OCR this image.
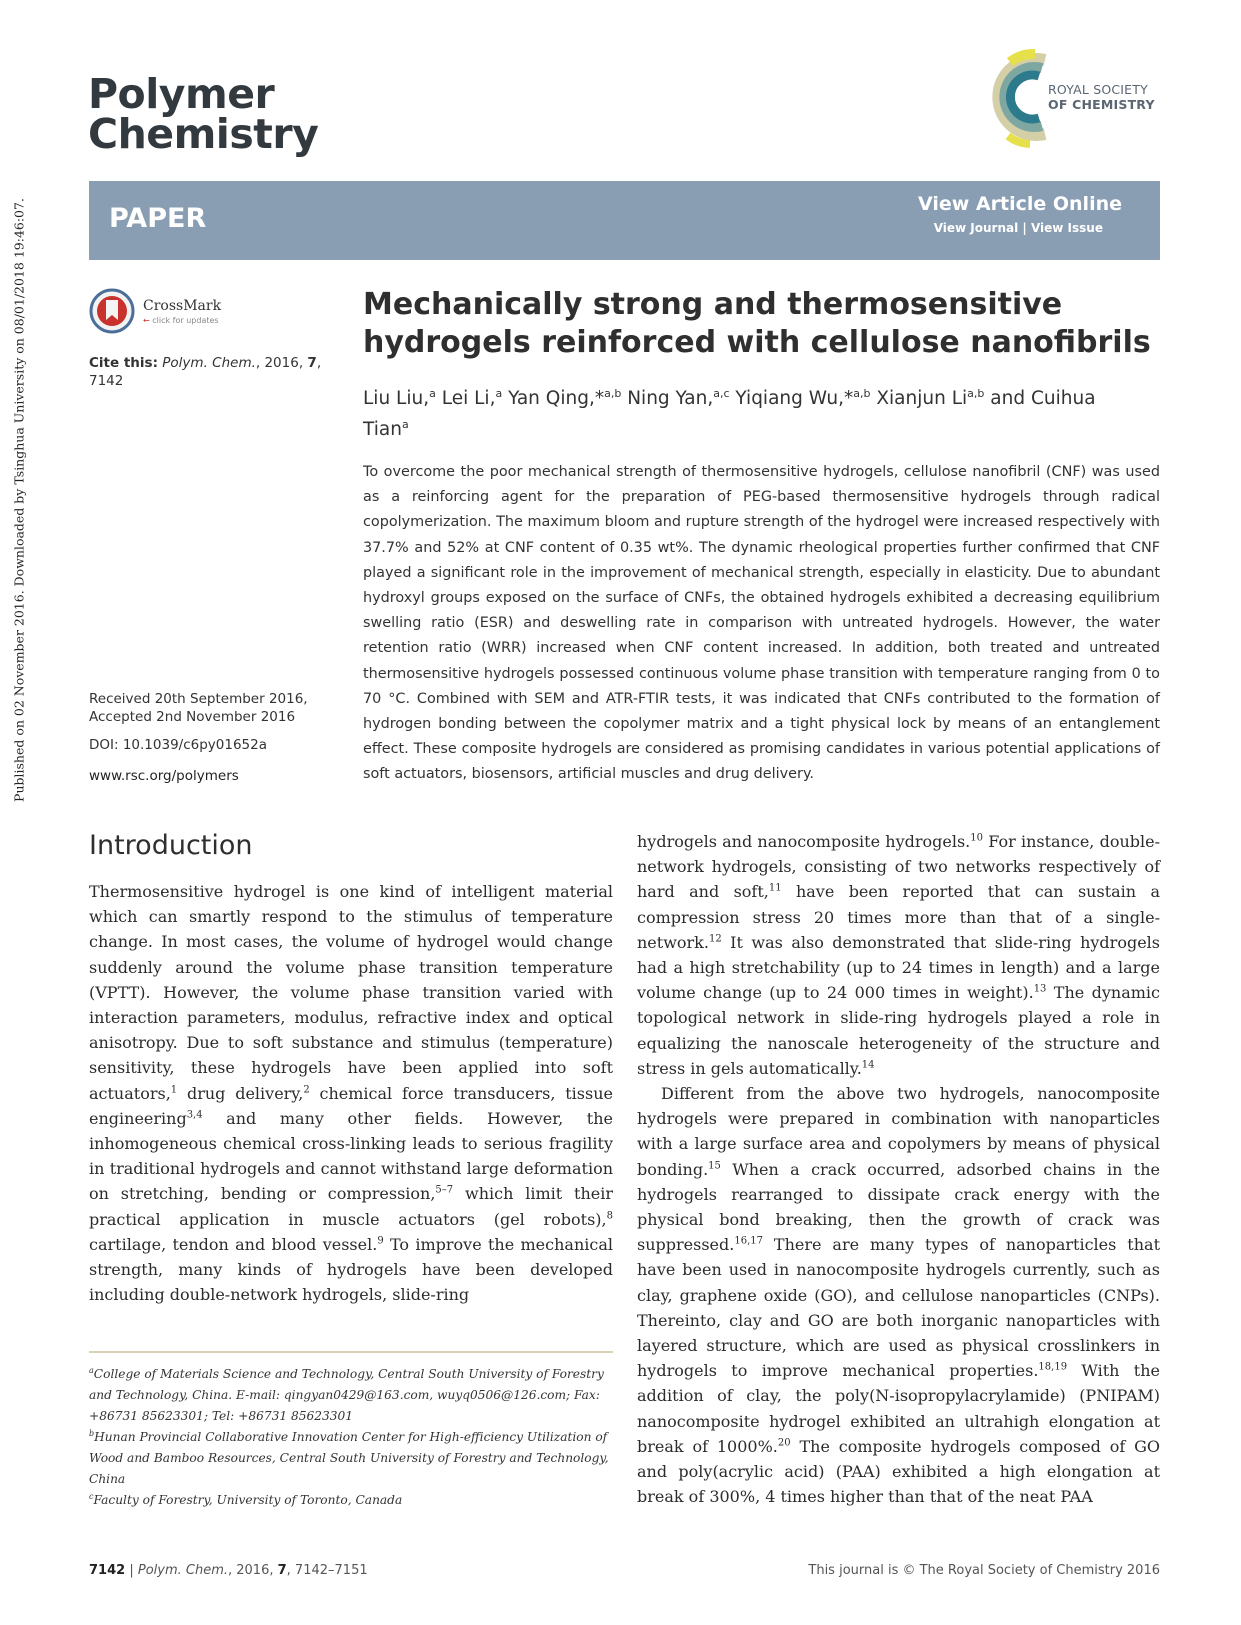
Published on 02 November 2016. Downloaded by Tsinghua University on 08/01/2018 19:46:07.
Polymer
Chemistry
ROYAL SOCIETY
OF CHEMISTRY
PAPER	View Article Online
View Journal | View Issue
CrossMark
← click for updates
Cite this: Polym. Chem., 2016, 7,
7142
Received 20th September 2016,
Accepted 2nd November 2016
DOI: 10.1039/c6py01652a
www.rsc.org/polymers
Mechanically strong and thermosensitive
hydrogels reinforced with cellulose nanofibrils
Liu Liu,$^a$ Lei Li,$^a$ Yan Qing,*$^{a,b}$ Ning Yan,$^{a,c}$ Yiqiang Wu,*$^{a,b}$ Xianjun Li$^{a,b}$ and Cuihua Tian$^a$
To overcome the poor mechanical strength of thermosensitive hydrogels, cellulose nanofibril (CNF) was used as a reinforcing agent for the preparation of PEG-based thermosensitive hydrogels through radical copolymerization. The maximum bloom and rupture strength of the hydrogel were increased respectively with 37.7% and 52% at CNF content of 0.35 wt%. The dynamic rheological properties further confirmed that CNF played a significant role in the improvement of mechanical strength, especially in elasticity. Due to abundant hydroxyl groups exposed on the surface of CNFs, the obtained hydrogels exhibited a decreasing equilibrium swelling ratio (ESR) and deswelling rate in comparison with untreated hydrogels. However, the water retention ratio (WRR) increased when CNF content increased. In addition, both treated and untreated thermosensitive hydrogels possessed continuous volume phase transition with temperature ranging from 0 to 70 °C. Combined with SEM and ATR-FTIR tests, it was indicated that CNFs contributed to the formation of hydrogen bonding between the copolymer matrix and a tight physical lock by means of an entanglement effect. These composite hydrogels are considered as promising candidates in various potential applications of soft actuators, biosensors, artificial muscles and drug delivery.
Introduction

Thermosensitive hydrogel is one kind of intelligent material which can smartly respond to the stimulus of temperature change. In most cases, the volume of hydrogel would change suddenly around the volume phase transition temperature (VPTT). However, the volume phase transition varied with interaction parameters, modulus, refractive index and optical anisotropy. Due to soft substance and stimulus (temperature) sensitivity, these hydrogels have been applied into soft actuators,$^1$ drug delivery,$^2$ chemical force transducers, tissue engineering$^{3,4}$ and many other fields. However, the inhomogeneous chemical cross-linking leads to serious fragility in traditional hydrogels and cannot withstand large deformation on stretching, bending or compression,$^{5-7}$ which limit their practical application in muscle actuators (gel robots),$^8$ cartilage, tendon and blood vessel.$^9$ To improve the mechanical strength, many kinds of hydrogels have been developed including double-network hydrogels, slide-ring

hydrogels and nanocomposite hydrogels.$^{10}$ For instance, double-network hydrogels, consisting of two networks respectively of hard and soft,$^{11}$ have been reported that can sustain a compression stress 20 times more than that of a single-network.$^{12}$ It was also demonstrated that slide-ring hydrogels had a high stretchability (up to 24 times in length) and a large volume change (up to 24 000 times in weight).$^{13}$ The dynamic topological network in slide-ring hydrogels played a role in equalizing the nanoscale heterogeneity of the structure and stress in gels automatically.$^{14}$

Different from the above two hydrogels, nanocomposite hydrogels were prepared in combination with nanoparticles with a large surface area and copolymers by means of physical bonding.$^{15}$ When a crack occurred, adsorbed chains in the hydrogels rearranged to dissipate crack energy with the physical bond breaking, then the growth of crack was suppressed.$^{16,17}$ There are many types of nanoparticles that have been used in nanocomposite hydrogels currently, such as clay, graphene oxide (GO), and cellulose nanoparticles (CNPs). Thereinto, clay and GO are both inorganic nanoparticles with layered structure, which are used as physical crosslinkers in hydrogels to improve mechanical properties.$^{18,19}$ With the addition of clay, the poly(N-isopropylacrylamide) (PNIPAM) nanocomposite hydrogel exhibited an ultrahigh elongation at break of 1000%.$^{20}$ The composite hydrogels composed of GO and poly(acrylic acid) (PAA) exhibited a high elongation at break of 300%, 4 times higher than that of the neat PAA

$^a$College of Materials Science and Technology, Central South University of Forestry and Technology, China. E-mail: qingyan0429@163.com, wuyq0506@126.com; Fax: +86731 85623301; Tel: +86731 85623301

$^b$Hunan Provincial Collaborative Innovation Center for High-efficiency Utilization of Wood and Bamboo Resources, Central South University of Forestry and Technology, China

$^c$Faculty of Forestry, University of Toronto, Canada

7142 | Polym. Chem., 2016, 7, 7142–7151	This journal is © The Royal Society of Chemistry 2016
